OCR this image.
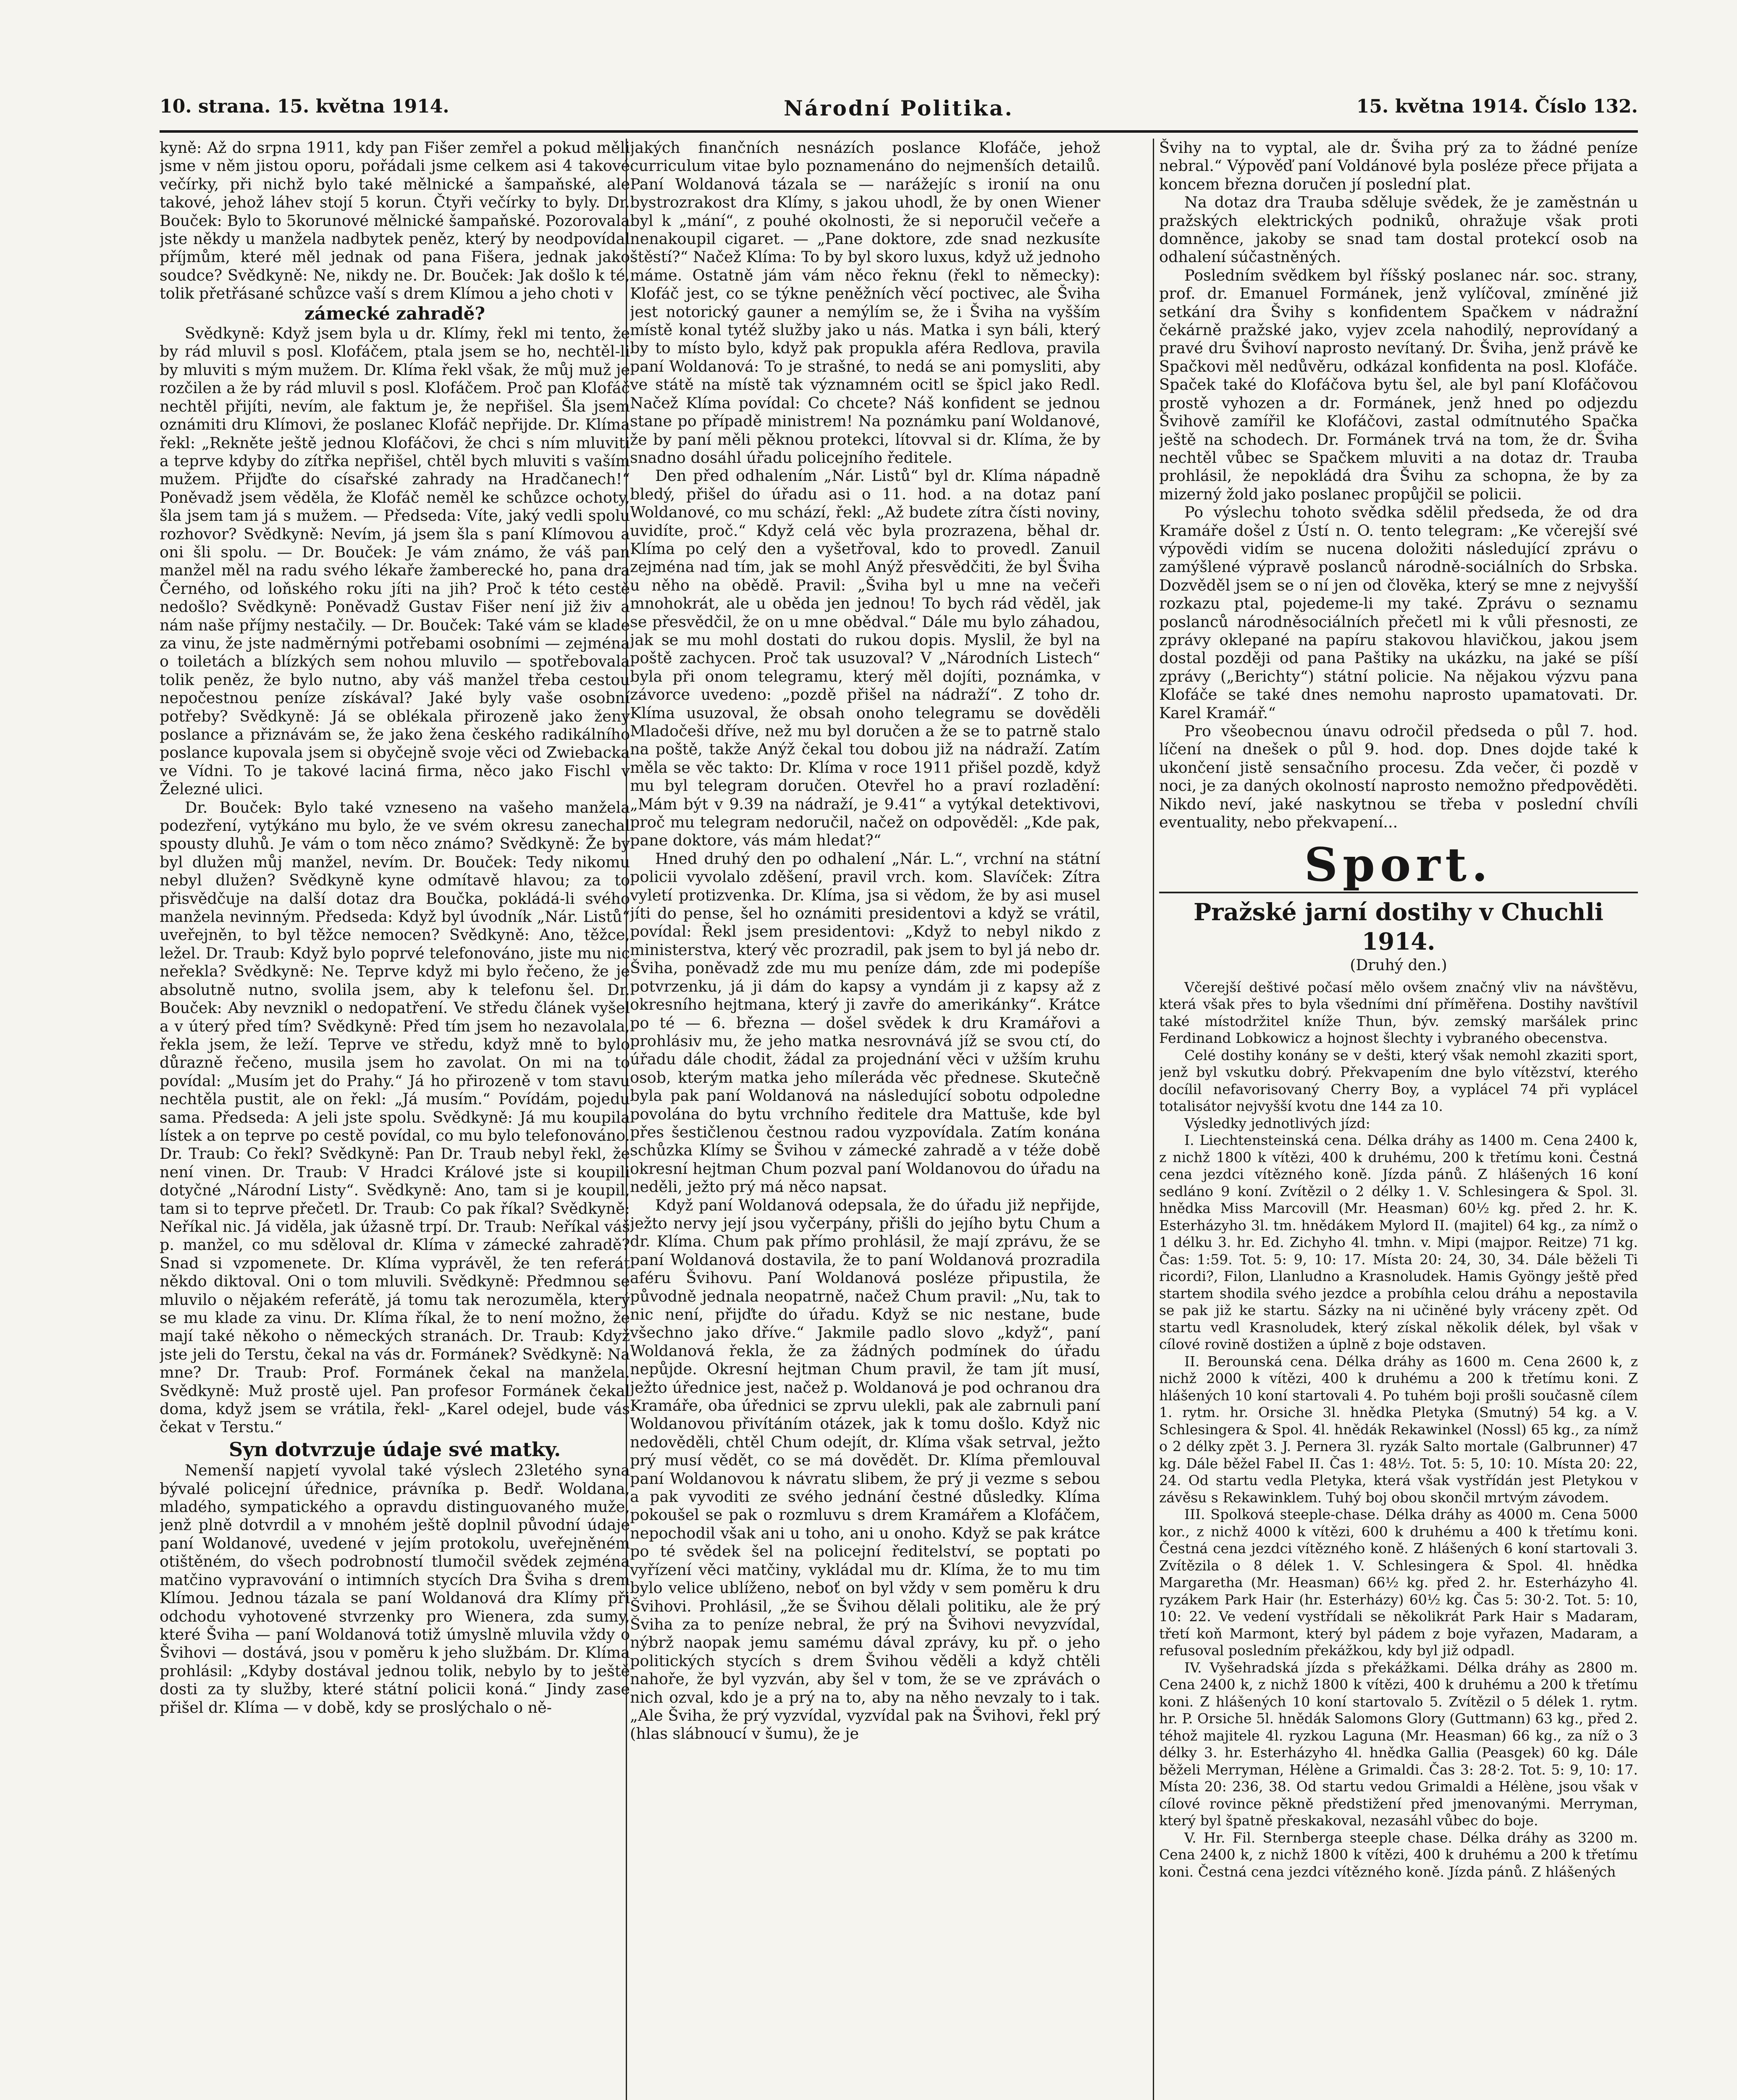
10. strana. 15. května 1914.	Národní Politika.	15. května 1914. Číslo 132.

kyně: Až do srpna 1911, kdy pan Fišer zemřel a pokud měli jsme v něm jistou oporu, pořádali jsme celkem asi 4 takové večírky, při nichž bylo také mělnické a šampaňské, ale takové, jehož láhev stojí 5 korun. Čtyři večírky to byly. Dr. Bouček: Bylo to 5korunové mělnické šampaňské. Pozorovala jste někdy u manžela nadbytek peněz, který by neodpovídal příjmům, které měl jednak od pana Fišera, jednak jako soudce? Svědkyně: Ne, nikdy ne. Dr. Bouček: Jak došlo k té, tolik přetřásané schůzce vaší s drem Klímou a jeho choti v

zámecké zahradě?

Svědkyně: Když jsem byla u dr. Klímy, řekl mi tento, že by rád mluvil s posl. Klofáčem, ptala jsem se ho, nechtěl-li by mluviti s mým mužem. Dr. Klíma řekl však, že můj muž je rozčilen a že by rád mluvil s posl. Klofáčem. Proč pan Klofáč nechtěl přijíti, nevím, ale faktum je, že nepřišel. Šla jsem oznámiti dru Klímovi, že poslanec Klofáč nepřijde. Dr. Klíma řekl: „Rekněte ještě jednou Klofáčovi, že chci s ním mluviti a teprve kdyby do zítřka nepřišel, chtěl bych mluviti s vaším mužem. Přijďte do císařské zahrady na Hradčanech!“ Poněvadž jsem věděla, že Klofáč neměl ke schůzce ochoty, šla jsem tam já s mužem. — Předseda: Víte, jaký vedli spolu rozhovor? Svědkyně: Nevím, já jsem šla s paní Klímovou a oni šli spolu. — Dr. Bouček: Je vám známo, že váš pan manžel měl na radu svého lékaře žamberecké ho, pana dra Černého, od loňského roku jíti na jih? Proč k této cestě nedošlo? Svědkyně: Poněvadž Gustav Fišer není již živ a nám naše příjmy nestačily. — Dr. Bouček: Také vám se klade za vinu, že jste nadměrnými potřebami osobními — zejména o toiletách a blízkých sem nohou mluvilo — spotřebovala tolik peněz, že bylo nutno, aby váš manžel třeba cestou nepočestnou peníze získával? Jaké byly vaše osobní potřeby? Svědkyně: Já se oblékala přirozeně jako ženy poslance a přiznávám se, že jako žena českého radikálního poslance kupovala jsem si obyčejně svoje věci od Zwiebacka ve Vídni. To je takové laciná firma, něco jako Fischl v Železné ulici.

Dr. Bouček: Bylo také vzneseno na vašeho manžela podezření, vytýkáno mu bylo, že ve svém okresu zanechal spousty dluhů. Je vám o tom něco známo? Svědkyně: Že by byl dlužen můj manžel, nevím. Dr. Bouček: Tedy nikomu nebyl dlužen? Svědkyně kyne odmítavě hlavou; za to přisvědčuje na další dotaz dra Boučka, pokládá-li svého manžela nevinným. Předseda: Když byl úvodník „Nár. Listů“ uveřejněn, to byl těžce nemocen? Svědkyně: Ano, těžce, ležel. Dr. Traub: Když bylo poprvé telefonováno, jiste mu nic neřekla? Svědkyně: Ne. Teprve když mi bylo řečeno, že je absolutně nutno, svolila jsem, aby k telefonu šel. Dr. Bouček: Aby nevznikl o nedopatření. Ve středu článek vyšel a v úterý před tím? Svědkyně: Před tím jsem ho nezavolala, řekla jsem, že leží. Teprve ve středu, když mně to bylo důrazně řečeno, musila jsem ho zavolat. On mi na to povídal: „Musím jet do Prahy.“ Já ho přirozeně v tom stavu nechtěla pustit, ale on řekl: „Já musím.“ Povídám, pojedu sama. Předseda: A jeli jste spolu. Svědkyně: Já mu koupila lístek a on teprve po cestě povídal, co mu bylo telefonováno. Dr. Traub: Co řekl? Svědkyně: Pan Dr. Traub nebyl řekl, že není vinen. Dr. Traub: V Hradci Králové jste si koupili dotyčné „Národní Listy“. Svědkyně: Ano, tam si je koupil, tam si to teprve přečetl. Dr. Traub: Co pak říkal? Svědkyně: Neříkal nic. Já viděla, jak úžasně trpí. Dr. Traub: Neříkal váš p. manžel, co mu sděloval dr. Klíma v zámecké zahradě? Snad si vzpomenete. Dr. Klíma vyprávěl, že ten referát někdo diktoval. Oni o tom mluvili. Svědkyně: Předmnou se mluvilo o nějakém referátě, já tomu tak nerozuměla, který se mu klade za vinu. Dr. Klíma říkal, že to není možno, že mají také někoho o německých stranách. Dr. Traub: Když jste jeli do Terstu, čekal na vás dr. Formánek? Svědkyně: Na mne? Dr. Traub: Prof. Formánek čekal na manžela. Svědkyně: Muž prostě ujel. Pan profesor Formánek čekal doma, když jsem se vrátila, řekl- „Karel odejel, bude vás čekat v Terstu.“

Syn dotvrzuje údaje své matky.

Nemenší napjetí vyvolal také výslech 23letého syna bývalé policejní úřednice, právníka p. Bedř. Woldana, mladého, sympatického a opravdu distinguovaného muže, jenž plně dotvrdil a v mnohém ještě doplnil původní údaje paní Woldanové, uvedené v jejím protokolu, uveřejněném otištěném, do všech podrobností tlumočil svědek zejména matčino vypravování o intimních stycích Dra Šviha s drem Klímou. Jednou tázala se paní Woldanová dra Klímy při odchodu vyhotovené stvrzenky pro Wienera, zda sumy, které Šviha — paní Woldanová totiž úmyslně mluvila vždy o Švihovi — dostává, jsou v poměru k jeho službám. Dr. Klíma prohlásil: „Kdyby dostával jednou tolik, nebylo by to ještě dosti za ty služby, které státní policii koná.“ Jindy zase přišel dr. Klíma — v době, kdy se proslýchalo o ně-

jakých finančních nesnázích poslance Klofáče, jehož curriculum vitae bylo poznamenáno do nejmenších detailů. Paní Woldanová tázala se — narážejíc s ironií na onu bystrozrakost dra Klímy, s jakou uhodl, že by onen Wiener byl k „mání“, z pouhé okolnosti, že si neporučil večeře a nenakoupil cigaret. — „Pane doktore, zde snad nezkusíte štěstí?“ Načež Klíma: To by byl skoro luxus, když už jednoho máme. Ostatně jám vám něco řeknu (řekl to německy): Klofáč jest, co se týkne peněžních věcí poctivec, ale Šviha jest notorický gauner a nemýlím se, že i Šviha na vyšším místě konal tytéž služby jako u nás. Matka i syn báli, který by to místo bylo, když pak propukla aféra Redlova, pravila paní Woldanová: To je strašné, to nedá se ani pomysliti, aby ve státě na místě tak významném ocitl se špicl jako Redl. Načež Klíma povídal: Co chcete? Náš konfident se jednou stane po případě ministrem! Na poznámku paní Woldanové, že by paní měli pěknou protekci, lítovval si dr. Klíma, že by snadno dosáhl úřadu policejního ředitele.

Den před odhalením „Nár. Listů“ byl dr. Klíma nápadně bledý, přišel do úřadu asi o 11. hod. a na dotaz paní Woldanové, co mu schází, řekl: „Až budete zítra čísti noviny, uvidíte, proč.“ Když celá věc byla prozrazena, běhal dr. Klíma po celý den a vyšetřoval, kdo to provedl. Zanuil zejména nad tím, jak se mohl Anýž přesvědčiti, že byl Šviha u něho na obědě. Pravil: „Šviha byl u mne na večeři mnohokrát, ale u oběda jen jednou! To bych rád věděl, jak se přesvědčil, že on u mne obědval.“ Dále mu bylo záhadou, jak se mu mohl dostati do rukou dopis. Myslil, že byl na poště zachycen. Proč tak usuzoval? V „Národních Listech“ byla při onom telegramu, který měl dojíti, poznámka, v závorce uvedeno: „pozdě přišel na nádraží“. Z toho dr. Klíma usuzoval, že obsah onoho telegramu se dověděli Mladočeši dříve, než mu byl doručen a že se to patrně stalo na poště, takže Anýž čekal tou dobou již na nádraží. Zatím měla se věc takto: Dr. Klíma v roce 1911 přišel pozdě, když mu byl telegram doručen. Otevřel ho a praví rozladění: „Mám být v 9.39 na nádraží, je 9.41“ a vytýkal detektivovi, proč mu telegram nedoručil, načež on odpověděl: „Kde pak, pane doktore, vás mám hledat?“

Hned druhý den po odhalení „Nár. L.“, vrchní na státní policii vyvolalo zděšení, pravil vrch. kom. Slavíček: Zítra vyletí protizvenka. Dr. Klíma, jsa si vědom, že by asi musel jíti do pense, šel ho oznámiti presidentovi a když se vrátil, povídal: Řekl jsem presidentovi: „Když to nebyl nikdo z ministerstva, který věc prozradil, pak jsem to byl já nebo dr. Šviha, poněvadž zde mu mu peníze dám, zde mi podepíše potvrzenku, já ji dám do kapsy a vyndám ji z kapsy až z okresního hejtmana, který ji zavře do amerikánky“. Krátce po té — 6. března — došel svědek k dru Kramářovi a prohlásiv mu, že jeho matka nesrovnává jíž se svou ctí, do úřadu dále chodit, žádal za projednání věci v užším kruhu osob, kterým matka jeho míleráda věc přednese. Skutečně byla pak paní Woldanová na následující sobotu odpoledne povolána do bytu vrchního ředitele dra Mattuše, kde byl přes šestičlenou čestnou radou vyzpovídala. Zatím konána schůzka Klímy se Švihou v zámecké zahradě a v téže době okresní hejtman Chum pozval paní Woldanovou do úřadu na neděli, ježto prý má něco napsat.

Když paní Woldanová odepsala, že do úřadu již nepřijde, ježto nervy její jsou vyčerpány, přišli do jejího bytu Chum a dr. Klíma. Chum pak přímo prohlásil, že mají zprávu, že se paní Woldanová dostavila, že to paní Woldanová prozradila aféru Švihovu. Paní Woldanová posléze připustila, že původně jednala neopatrně, načež Chum pravil: „Nu, tak to nic není, přijďte do úřadu. Když se nic nestane, bude všechno jako dříve.“ Jakmile padlo slovo „když“, paní Woldanová řekla, že za žádných podmínek do úřadu nepůjde. Okresní hejtman Chum pravil, že tam jít musí, ježto úřednice jest, načež p. Woldanová je pod ochranou dra Kramáře, oba úřednici se zprvu ulekli, pak ale zabrnuli paní Woldanovou přivítáním otázek, jak k tomu došlo. Když nic nedověděli, chtěl Chum odejít, dr. Klíma však setrval, ježto prý musí vědět, co se má dovědět. Dr. Klíma přemlouval paní Woldanovou k návratu slibem, že prý ji vezme s sebou a pak vyvoditi ze svého jednání čestné důsledky. Klíma pokoušel se pak o rozmluvu s drem Kramářem a Klofáčem, nepochodil však ani u toho, ani u onoho. Když se pak krátce po té svědek šel na policejní ředitelství, se poptati po vyřízení věci matčiny, vykládal mu dr. Klíma, že to mu tim bylo velice ublíženo, neboť on byl vždy v sem poměru k dru Švihovi. Prohlásil, „že se Švihou dělali politiku, ale že prý Šviha za to peníze nebral, že prý na Švihovi nevyzvídal, nýbrž naopak jemu samému dával zprávy, ku př. o jeho politických stycích s drem Švihou věděli a když chtěli nahoře, že byl vyzván, aby šel v tom, že se ve zprávách o nich ozval, kdo je a prý na to, aby na něho nevzaly to i tak. „Ale Šviha, že prý vyzvídal, vyzvídal pak na Švihovi, řekl prý (hlas slábnoucí v šumu), že je

Švihy na to vyptal, ale dr. Šviha prý za to žádné peníze nebral.“ Výpověď paní Voldánové byla posléze přece přijata a koncem března doručen jí poslední plat.

Na dotaz dra Trauba sděluje svědek, že je zaměstnán u pražských elektrických podniků, ohražuje však proti domněnce, jakoby se snad tam dostal protekcí osob na odhalení súčastněných.

Posledním svědkem byl říšský poslanec nár. soc. strany, prof. dr. Emanuel Formánek, jenž vylíčoval, zmíněné již setkání dra Švihy s konfidentem Spačkem v nádražní čekárně pražské jako, vyjev zcela nahodilý, neprovídaný a pravé dru Švihoví naprosto nevítaný. Dr. Šviha, jenž právě ke Spačkovi měl nedůvěru, odkázal konfidenta na posl. Klofáče. Spaček také do Klofáčova bytu šel, ale byl paní Klofáčovou prostě vyhozen a dr. Formánek, jenž hned po odjezdu Švihově zamířil ke Klofáčovi, zastal odmítnutého Spačka ještě na schodech. Dr. Formánek trvá na tom, že dr. Šviha nechtěl vůbec se Spačkem mluviti a na dotaz dr. Trauba prohlásil, že nepokládá dra Švihu za schopna, že by za mizerný žold jako poslanec propůjčil se policii.

Po výslechu tohoto svědka sdělil předseda, že od dra Kramáře došel z Ústí n. O. tento telegram: „Ke včerejší své výpovědi vidím se nucena doložiti následující zprávu o zamýšlené výpravě poslanců národně-sociálních do Srbska. Dozvěděl jsem se o ní jen od člověka, který se mne z nejvyšší rozkazu ptal, pojedeme-li my také. Zprávu o seznamu poslanců národněsociálních přečetl mi k vůli přesnosti, ze zprávy oklepané na papíru stakovou hlavičkou, jakou jsem dostal později od pana Paštiky na ukázku, na jaké se píší zprávy („Berichty“) státní policie. Na nějakou výzvu pana Klofáče se také dnes nemohu naprosto upamatovati. Dr. Karel Kramář.“

Pro všeobecnou únavu odročil předseda o půl 7. hod. líčení na dnešek o půl 9. hod. dop. Dnes dojde také k ukončení jistě sensačního procesu. Zda večer, či pozdě v noci, je za daných okolností naprosto nemožno předpověděti. Nikdo neví, jaké naskytnou se třeba v poslední chvíli eventuality, nebo překvapení...

Sport.
Pražské jarní dostihy v Chuchli 1914.
(Druhý den.)

Včerejší deštivé počasí mělo ovšem značný vliv na návštěvu, která však přes to byla všedními dní příměřena. Dostihy navštívil také místodržitel kníže Thun, býv. zemský maršálek princ Ferdinand Lobkowicz a hojnost šlechty i vybraného obecenstva.

Celé dostihy konány se v dešti, který však nemohl zkaziti sport, jenž byl vskutku dobrý. Překvapením dne bylo vítězství, kterého docílil nefavorisovaný Cherry Boy, a vyplácel 74 při vyplácel totalisátor nejvyšší kvotu dne 144 za 10.

Výsledky jednotlivých jízd:

I. Liechtensteinská cena. Délka dráhy as 1400 m. Cena 2400 k, z nichž 1800 k vítězi, 400 k druhému, 200 k třetímu koni. Čestná cena jezdci vítězného koně. Jízda pánů. Z hlášených 16 koní sedláno 9 koní. Zvítězil o 2 délky 1. V. Schlesingera & Spol. 3l. hnědka Miss Marcovill (Mr. Heasman) 60½ kg. před 2. hr. K. Esterházyho 3l. tm. hnědákem Mylord II. (majitel) 64 kg., za nímž o 1 délku 3. hr. Ed. Zichyho 4l. tmhn. v. Mipi (majpor. Reitze) 71 kg. Čas: 1:59. Tot. 5: 9, 10: 17. Místa 20: 24, 30, 34. Dále běželi Ti ricordi?, Filon, Llanludno a Krasnoludek. Hamis Gyöngy ještě před startem shodila svého jezdce a probíhla celou dráhu a nepostavila se pak již ke startu. Sázky na ni učiněné byly vráceny zpět. Od startu vedl Krasnoludek, který získal několik délek, byl však v cílové rovině dostižen a úplně z boje odstaven.

II. Berounská cena. Délka dráhy as 1600 m. Cena 2600 k, z nichž 2000 k vítězi, 400 k druhému a 200 k třetímu koni. Z hlášených 10 koní startovali 4. Po tuhém boji prošli současně cílem 1. rytm. hr. Orsiche 3l. hnědka Pletyka (Smutný) 54 kg. a V. Schlesingera & Spol. 4l. hnědák Rekawinkel (Nossl) 65 kg., za nímž o 2 délky zpět 3. J. Pernera 3l. ryzák Salto mortale (Galbrunner) 47 kg. Dále běžel Fabel II. Čas 1: 48½. Tot. 5: 5, 10: 10. Místa 20: 22, 24. Od startu vedla Pletyka, která však vystřídán jest Pletykou v závěsu s Rekawinklem. Tuhý boj obou skončil mrtvým závodem.

III. Spolková steeple-chase. Délka dráhy as 4000 m. Cena 5000 kor., z nichž 4000 k vítězi, 600 k druhému a 400 k třetímu koni. Čestná cena jezdci vítězného koně. Z hlášených 6 koní startovali 3. Zvítězila o 8 délek 1. V. Schlesingera & Spol. 4l. hnědka Margaretha (Mr. Heasman) 66½ kg. před 2. hr. Esterházyho 4l. ryzákem Park Hair (hr. Esterházy) 60½ kg. Čas 5: 30·2. Tot. 5: 10, 10: 22. Ve vedení vystřídali se několikrát Park Hair s Madaram, třetí koň Marmont, který byl pádem z boje vyřazen, Madaram, a refusoval posledním překážkou, kdy byl již odpadl.

IV. Vyšehradská jízda s překážkami. Délka dráhy as 2800 m. Cena 2400 k, z nichž 1800 k vítězi, 400 k druhému a 200 k třetímu koni. Z hlášených 10 koní startovalo 5. Zvítězil o 5 délek 1. rytm. hr. P. Orsiche 5l. hnědák Salomons Glory (Guttmann) 63 kg., před 2. téhož majitele 4l. ryzkou Laguna (Mr. Heasman) 66 kg., za níž o 3 délky 3. hr. Esterházyho 4l. hnědka Gallia (Peasgek) 60 kg. Dále běželi Merryman, Hélène a Grimaldi. Čas 3: 28·2. Tot. 5: 9, 10: 17. Místa 20: 236, 38. Od startu vedou Grimaldi a Hélène, jsou však v cílové rovince pěkně předstižení před jmenovanými. Merryman, který byl špatně přeskakoval, nezasáhl vůbec do boje.

V. Hr. Fil. Sternberga steeple chase. Délka dráhy as 3200 m. Cena 2400 k, z nichž 1800 k vítězi, 400 k druhému a 200 k třetímu koni. Čestná cena jezdci vítězného koně. Jízda pánů. Z hlášených
